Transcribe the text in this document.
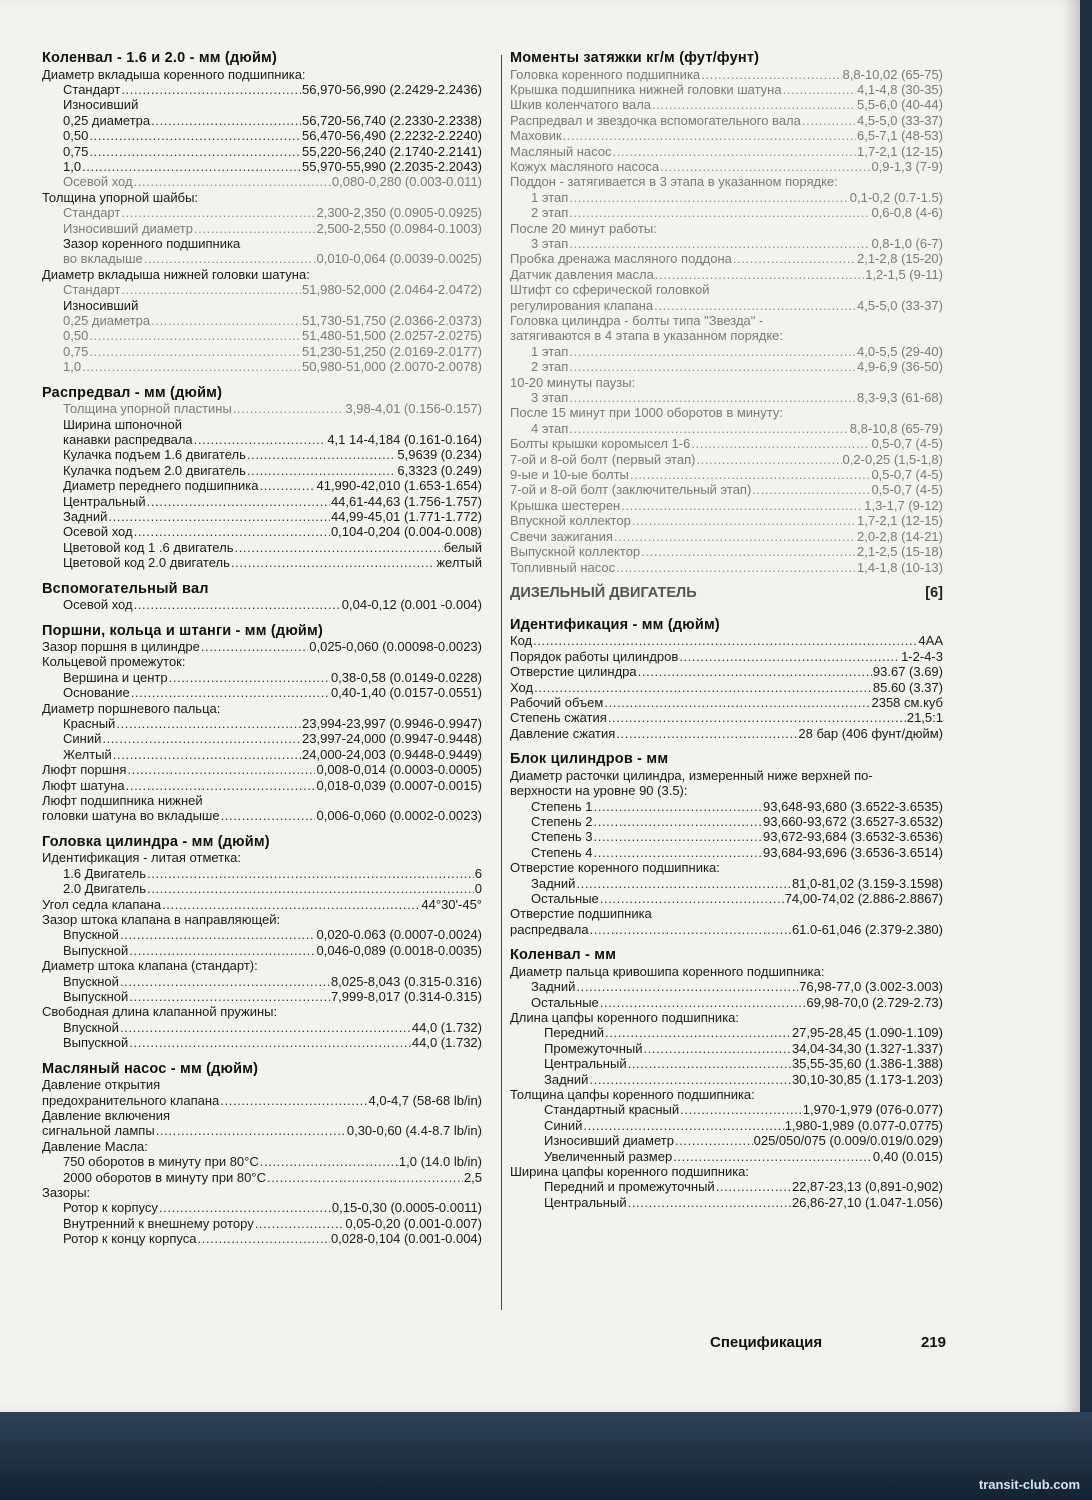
Коленвал - 1.6 и 2.0 - мм (дюйм)
Диаметр вкладыша коренного подшипника:
Стандарт . . .	56,970-56,990 (2.2429-2.2436)
Износивший
0,25 диаметра . . .	56,720-56,740 (2.2330-2.2338)
0,50 . . .	56,470-56,490 (2.2232-2.2240)
0,75 . . .	55,220-56,240 (2.1740-2.2141)
1,0 . . .	55,970-55,990 (2.2035-2.2043)
Осевой ход . . .	0,080-0,280 (0.003-0.011)
Толщина упорной шайбы:
Стандарт . . .	2,300-2,350 (0.0905-0.0925)
Износивший диаметр . . .	2,500-2,550 (0.0984-0.1003)
Зазор коренного подшипника
во вкладыше . . .	0,010-0,064 (0.0039-0.0025)
Диаметр вкладыша нижней головки шатуна:
Стандарт . . .	51,980-52,000 (2.0464-2.0472)
Износивший
0,25 диаметра . . .	51,730-51,750 (2.0366-2.0373)
0,50 . . .	51,480-51,500 (2.0257-2.0275)
0,75 . . .	51,230-51,250 (2.0169-2.0177)
1,0 . . .	50,980-51,000 (2.0070-2.0078)
Распредвал - мм (дюйм)
Толщина упорной пластины . . .	3,98-4,01 (0.156-0.157)
Ширина шпоночной
канавки распредвала . . .	4,1 14-4,184 (0.161-0.164)
Кулачка подъем 1.6 двигатель . . .	5,9639 (0.234)
Кулачка подъем 2.0 двигатель . . .	6,3323 (0.249)
Диаметр переднего подшипника . . .	41,990-42,010 (1.653-1.654)
Центральный . . .	44,61-44,63 (1.756-1.757)
Задний . . .	44,99-45,01 (1.771-1.772)
Осевой ход . . .	0,104-0,204 (0.004-0.008)
Цветовой код 1 .6 двигатель . . .	белый
Цветовой код 2.0 двигатель . . .	желтый
Вспомогательный вал
Осевой ход . . .	0,04-0,12 (0.001 -0.004)
Поршни, кольца и штанги - мм (дюйм)
Зазор поршня в цилиндре . . .	0,025-0,060 (0.00098-0.0023)
Кольцевой промежуток:
Вершина и центр . . .	0,38-0,58 (0.0149-0.0228)
Основание . . .	0,40-1,40 (0.0157-0.0551)
Диаметр поршневого пальца:
Красный . . .	23,994-23,997 (0.9946-0.9947)
Синий . . .	23,997-24,000 (0.9947-0.9448)
Желтый . . .	24,000-24,003 (0.9448-0.9449)
Люфт поршня . . .	0,008-0,014 (0.0003-0.0005)
Люфт шатуна . . .	0,018-0,039 (0.0007-0.0015)
Люфт подшипника нижней
головки шатуна во вкладыше . . .	0,006-0,060 (0.0002-0.0023)
Головка цилиндра - мм (дюйм)
Идентификация - литая отметка:
1.6 Двигатель . . .	6
2.0 Двигатель . . .	0
Угол седла клапана . . .	44°30'-45°
Зазор штока клапана в направляющей:
Впускной . . .	0,020-0.063 (0.0007-0.0024)
Выпускной . . .	0,046-0,089 (0.0018-0.0035)
Диаметр штока клапана (стандарт):
Впускной . . .	8,025-8,043 (0.315-0.316)
Выпускной . . .	7,999-8,017 (0.314-0.315)
Свободная длина клапанной пружины:
Впускной . . .	44,0 (1.732)
Выпускной . . .	44,0 (1.732)
Масляный насос - мм (дюйм)
Давление открытия
предохранительного клапана . . .	4,0-4,7 (58-68 lb/in)
Давление включения
сигнальной лампы . . .	0,30-0,60 (4.4-8.7 lb/in)
Давление Масла:
750 оборотов в минуту при 80°С . . .	1,0 (14.0 lb/in)
2000 оборотов в минуту при 80°С . . .	2,5
Зазоры:
Ротор к корпусу . . .	0,15-0,30 (0.0005-0.0011)
Внутренний к внешнему ротору . . .	0,05-0,20 (0.001-0.007)
Ротор к концу корпуса . . .	0,028-0,104 (0.001-0.004)
Моменты затяжки кг/м (фут/фунт)
Головка коренного подшипника . . .	8,8-10,02 (65-75)
Крышка подшипника нижней головки шатуна . . .	4,1-4,8 (30-35)
Шкив коленчатого вала . . .	5,5-6,0 (40-44)
Распредвал и звездочка вспомогательного вала . . .	4,5-5,0 (33-37)
Маховик . . .	6,5-7,1 (48-53)
Масляный насос . . .	1,7-2,1 (12-15)
Кожух масляного насоса . . .	0,9-1,3 (7-9)
Поддон - затягивается в 3 этапа в указанном порядке:
1 этап . . .	0,1-0,2 (0.7-1.5)
2 этап . . .	0,6-0,8 (4-6)
После 20 минут работы:
3 этап . . .	0,8-1,0 (6-7)
Пробка дренажа масляного поддона . . .	2,1-2,8 (15-20)
Датчик давления масла . . .	1,2-1,5 (9-11)
Штифт со сферической головкой
регулирования клапана . . .	4,5-5,0 (33-37)
Головка цилиндра - болты типа "Звезда" -
затягиваются в 4 этапа в указанном порядке:
1 этап . . .	4,0-5,5 (29-40)
2 этап . . .	4,9-6,9 (36-50)
10-20 минуты паузы:
3 этап . . .	8,3-9,3 (61-68)
После 15 минут при 1000 оборотов в минуту:
4 этап . . .	8,8-10,8 (65-79)
Болты крышки коромысел 1-6 . . .	0,5-0,7 (4-5)
7-ой и 8-ой болт (первый этап) . . .	0,2-0,25 (1,5-1,8)
9-ые и 10-ые болты . . .	0,5-0,7 (4-5)
7-ой и 8-ой болт (заключительный этап) . . .	0,5-0,7 (4-5)
Крышка шестерен . . .	1,3-1,7 (9-12)
Впускной коллектор . . .	1,7-2,1 (12-15)
Свечи зажигания . . .	2,0-2,8 (14-21)
Выпускной коллектор . . .	2,1-2,5 (15-18)
Топливный насос . . .	1,4-1,8 (10-13)
ДИЗЕЛЬНЫЙ ДВИГАТЕЛЬ	[6]
Идентификация - мм (дюйм)
Код . . .	4AA
Порядок работы цилиндров . . .	1-2-4-3
Отверстие цилиндра . . .	93.67 (3.69)
Ход . . .	85.60 (3.37)
Рабочий объем . . .	2358 см.куб
Степень сжатия . . .	21,5:1
Давление сжатия . . .	28 бар (406 фунт/дюйм)
Блок цилиндров - мм
Диаметр расточки цилиндра, измеренный ниже верхней по-
верхности на уровне 90 (3.5):
Степень 1 . . .	93,648-93,680 (3.6522-3.6535)
Степень 2 . . .	93,660-93,672 (3.6527-3.6532)
Степень 3 . . .	93,672-93,684 (3.6532-3.6536)
Степень 4 . . .	93,684-93,696 (3.6536-3.6514)
Отверстие коренного подшипника:
Задний . . .	81,0-81,02 (3.159-3.1598)
Остальные . . .	74,00-74,02 (2.886-2.8867)
Отверстие подшипника
распредвала . . .	61.0-61,046 (2.379-2.380)
Коленвал - мм
Диаметр пальца кривошипа коренного подшипника:
Задний . . .	76,98-77,0 (3.002-3.003)
Остальные . . .	69,98-70,0 (2.729-2.73)
Длина цапфы коренного подшипника:
Передний . . .	27,95-28,45 (1.090-1.109)
Промежуточный . . .	34,04-34,30 (1.327-1.337)
Центральный . . .	35,55-35,60 (1.386-1.388)
Задний . . .	30,10-30,85 (1.173-1.203)
Толщина цапфы коренного подшипника:
Стандартный красный . . .	1,970-1,979 (076-0.077)
Синий . . .	1,980-1,989 (0.077-0.0775)
Износивший диаметр . . .	025/050/075 (0.009/0.019/0.029)
Увеличенный размер . . .	0,40 (0.015)
Ширина цапфы коренного подшипника:
Передний и промежуточный . . .	22,87-23,13 (0,891-0,902)
Центральный . . .	26,86-27,10 (1.047-1.056)
Спецификация	219
transit-club.com
